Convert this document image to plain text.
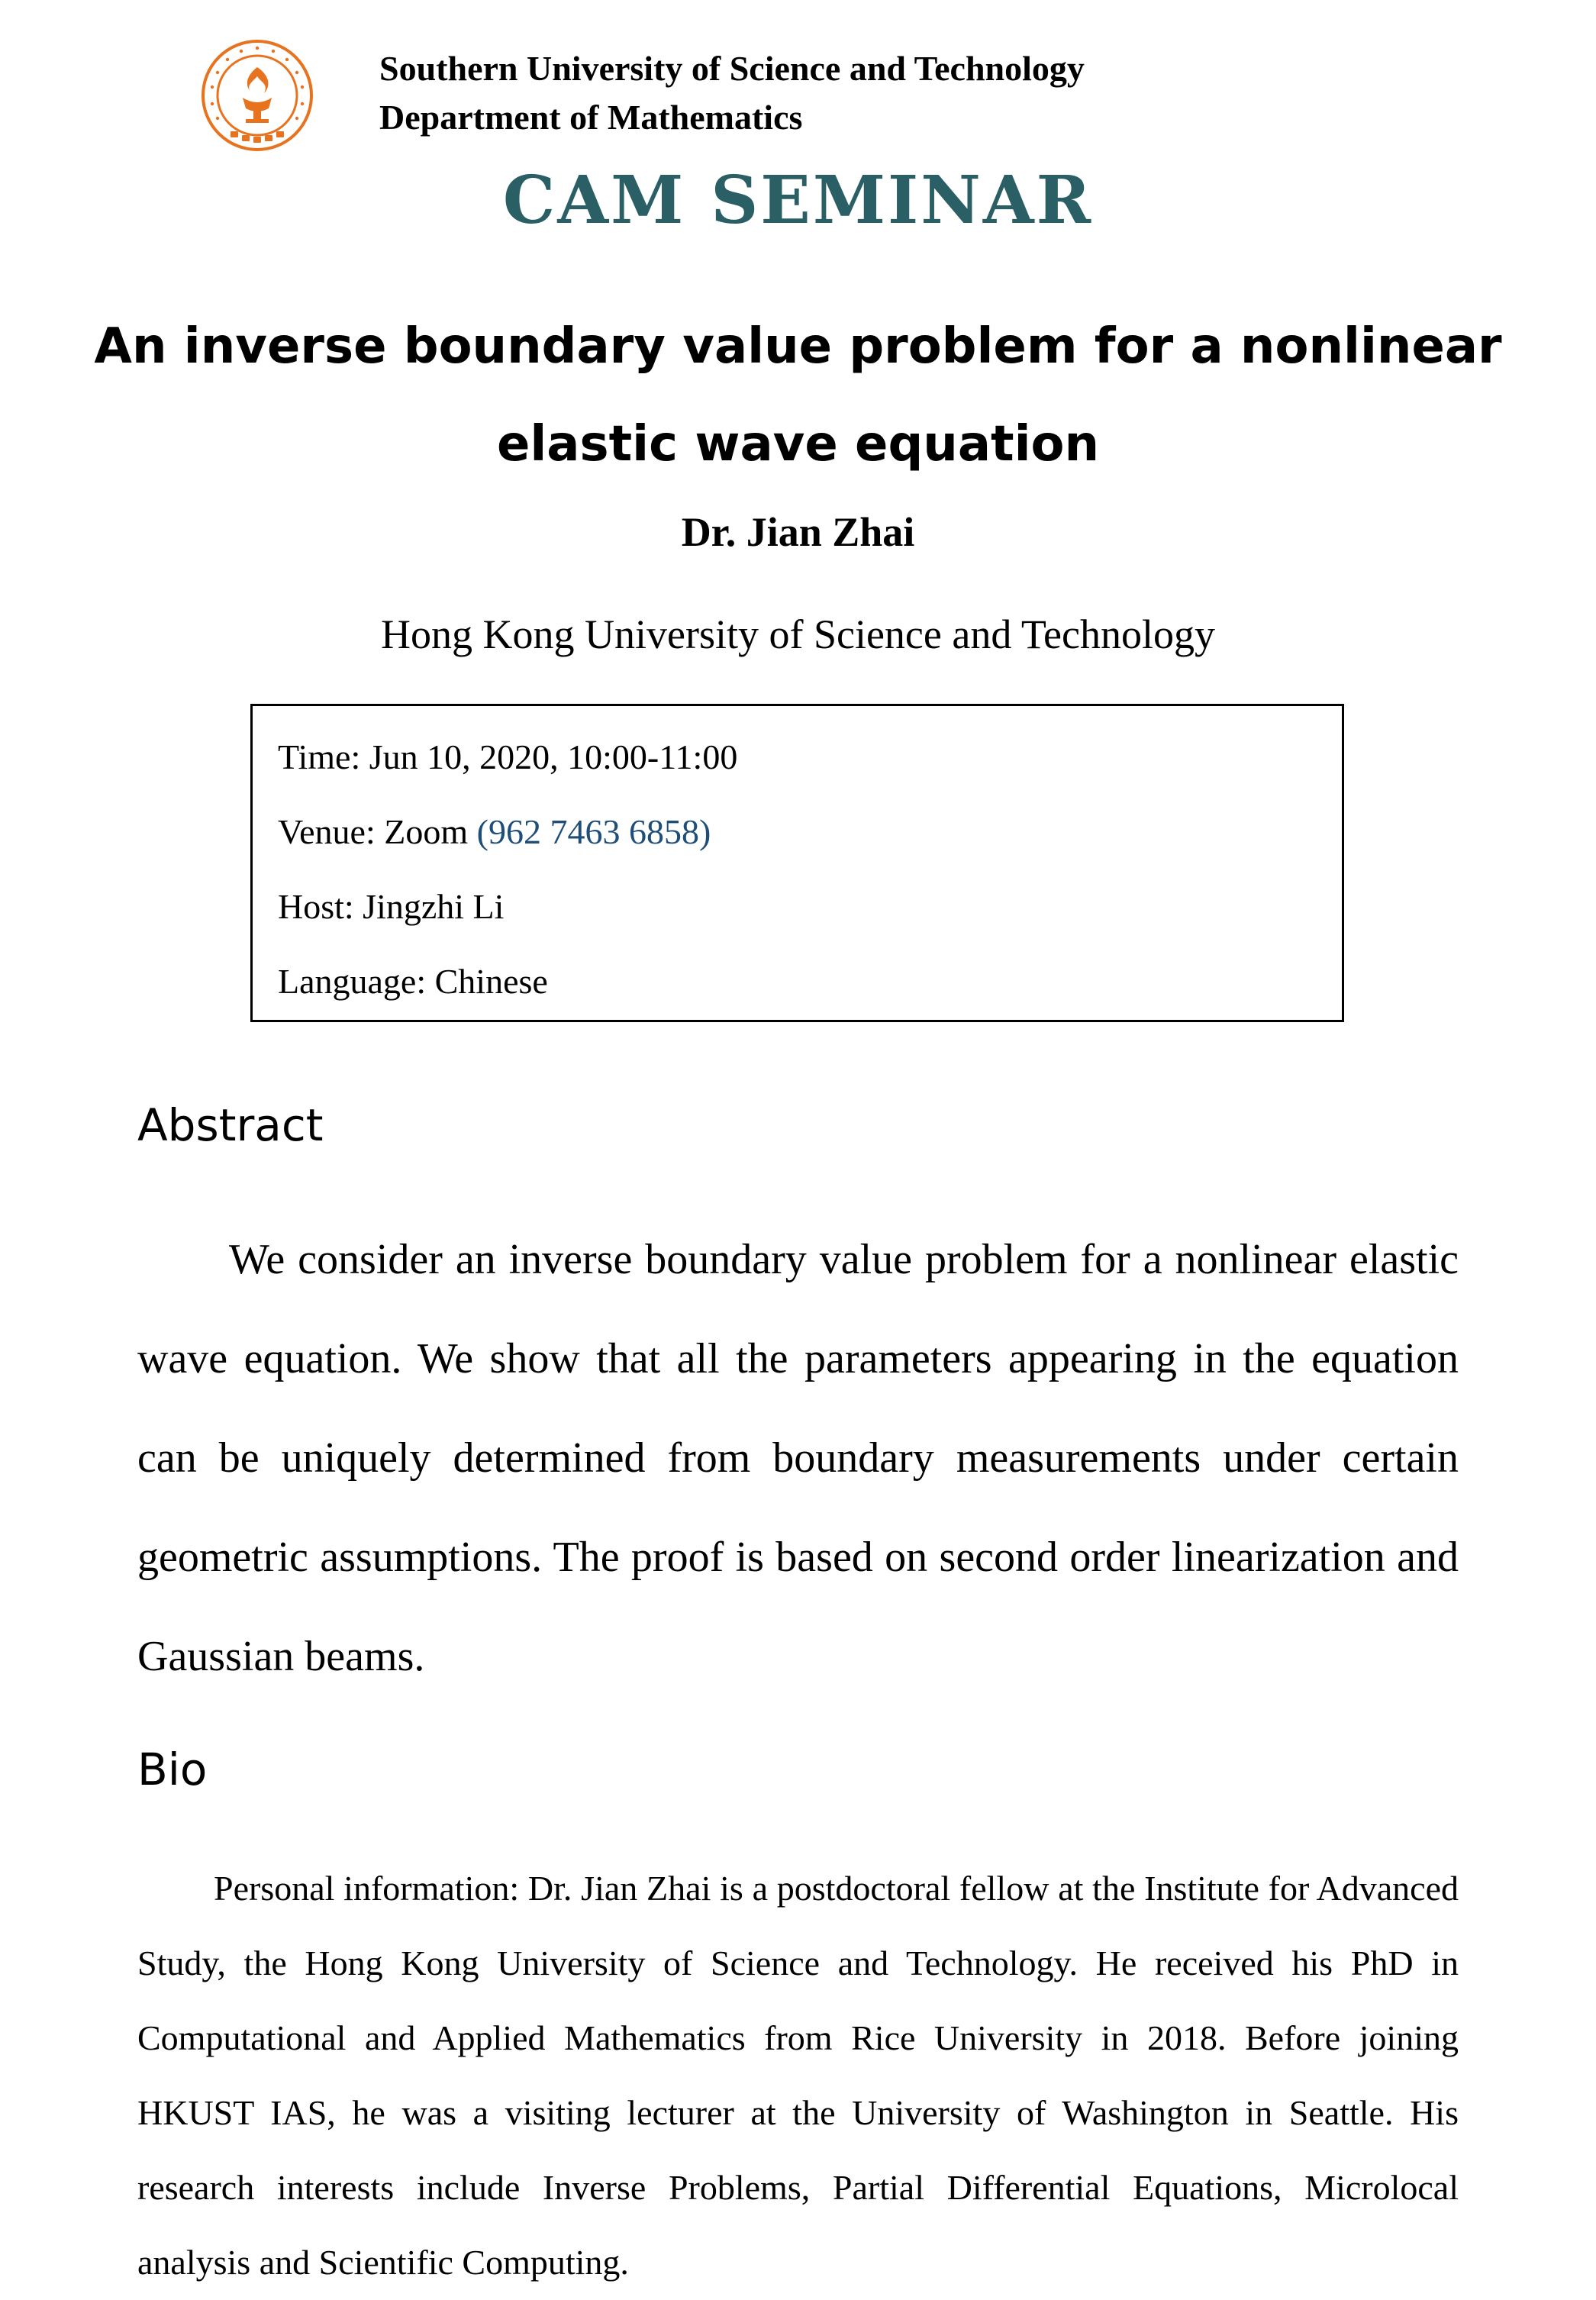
Southern University of Science and Technology
Department of Mathematics
CAM SEMINAR
An inverse boundary value problem for a nonlinear elastic wave equation
Dr. Jian Zhai
Hong Kong University of Science and Technology
Time: Jun 10, 2020, 10:00-11:00
Venue: Zoom (962 7463 6858)
Host: Jingzhi Li
Language: Chinese
Abstract

We consider an inverse boundary value problem for a nonlinear elastic wave equation. We show that all the parameters appearing in the equation can be uniquely determined from boundary measurements under certain geometric assumptions. The proof is based on second order linearization and Gaussian beams.

Bio

Personal information: Dr. Jian Zhai is a postdoctoral fellow at the Institute for Advanced Study, the Hong Kong University of Science and Technology. He received his PhD in Computational and Applied Mathematics from Rice University in 2018. Before joining HKUST IAS, he was a visiting lecturer at the University of Washington in Seattle. His research interests include Inverse Problems, Partial Differential Equations, Microlocal analysis and Scientific Computing.
